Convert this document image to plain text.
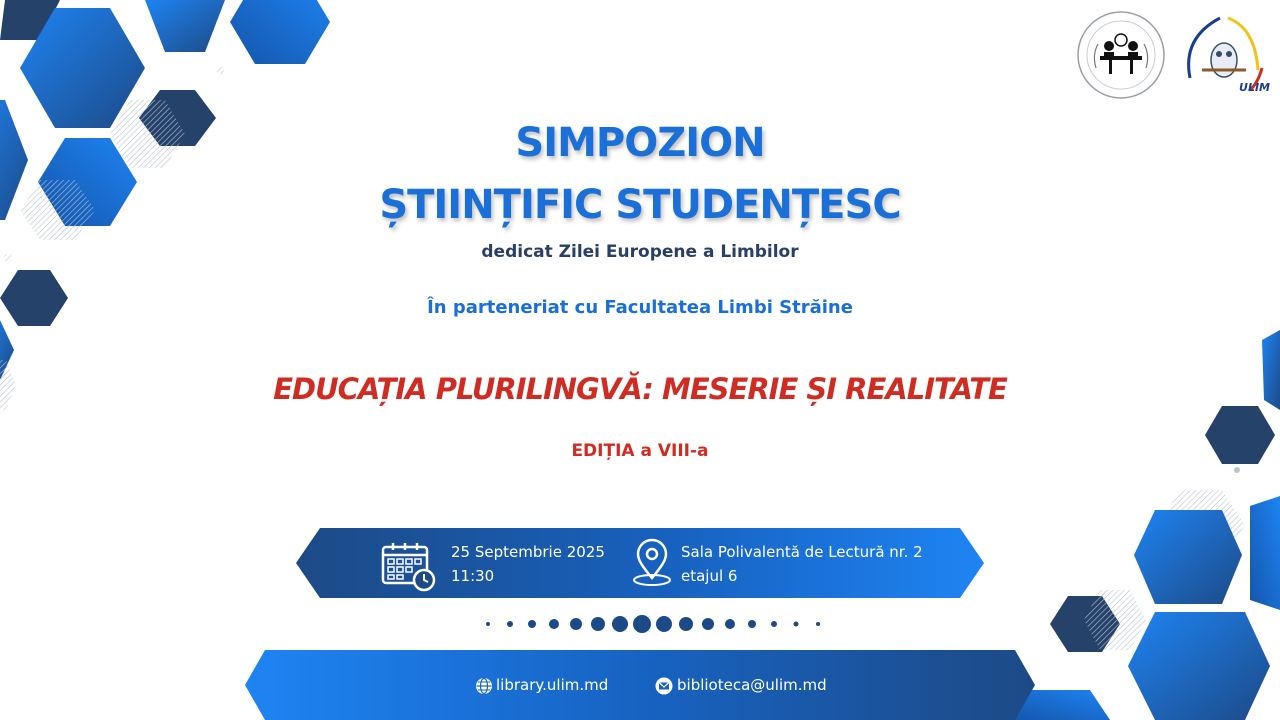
ULIM
SIMPOZION
ȘTIINȚIFIC STUDENȚESC
dedicat Zilei Europene a Limbilor
În parteneriat cu Facultatea Limbi Străine
EDUCAȚIA PLURILINGVĂ: MESERIE ȘI REALITATE
EDIȚIA a VIII-a
25 Septembrie 2025
11:30
Sala Polivalentă de Lectură nr. 2
etajul 6
library.ulim.md	biblioteca@ulim.md
